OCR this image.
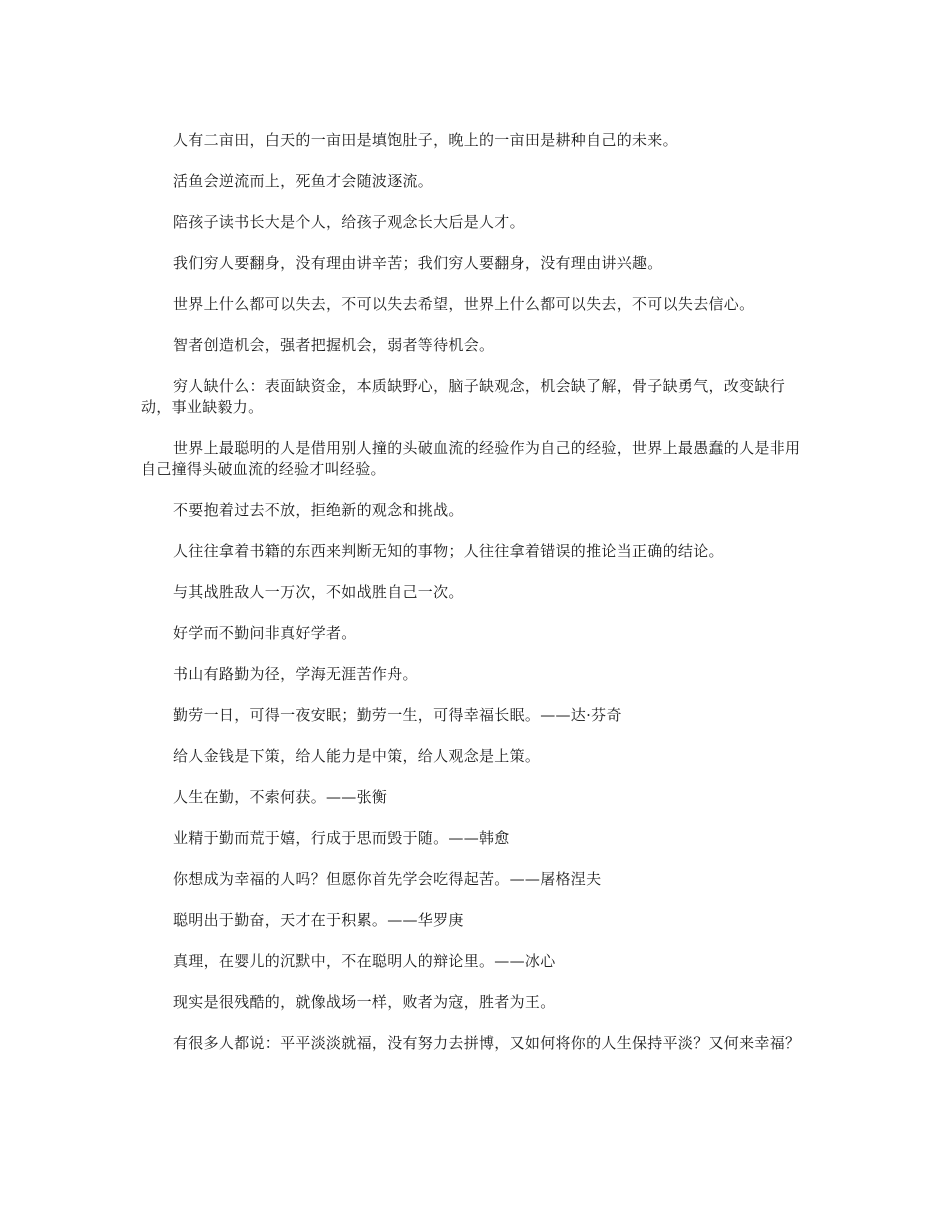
人有二亩田，白天的一亩田是填饱肚子，晚上的一亩田是耕种自己的未来。

活鱼会逆流而上，死鱼才会随波逐流。

陪孩子读书长大是个人，给孩子观念长大后是人才。

我们穷人要翻身，没有理由讲辛苦；我们穷人要翻身，没有理由讲兴趣。

世界上什么都可以失去，不可以失去希望，世界上什么都可以失去，不可以失去信心。

智者创造机会，强者把握机会，弱者等待机会。

穷人缺什么：表面缺资金，本质缺野心，脑子缺观念，机会缺了解，骨子缺勇气，改变缺行动，事业缺毅力。

世界上最聪明的人是借用别人撞的头破血流的经验作为自己的经验，世界上最愚蠢的人是非用自己撞得头破血流的经验才叫经验。

不要抱着过去不放，拒绝新的观念和挑战。

人往往拿着书籍的东西来判断无知的事物；人往往拿着错误的推论当正确的结论。

与其战胜敌人一万次，不如战胜自己一次。

好学而不勤问非真好学者。

书山有路勤为径，学海无涯苦作舟。

勤劳一日，可得一夜安眠；勤劳一生，可得幸福长眠。——达·芬奇

给人金钱是下策，给人能力是中策，给人观念是上策。

人生在勤，不索何获。——张衡

业精于勤而荒于嬉，行成于思而毁于随。——韩愈

你想成为幸福的人吗？但愿你首先学会吃得起苦。——屠格涅夫

聪明出于勤奋，天才在于积累。——华罗庚

真理，在婴儿的沉默中，不在聪明人的辩论里。——冰心

现实是很残酷的，就像战场一样，败者为寇，胜者为王。

有很多人都说：平平淡淡就福，没有努力去拼博，又如何将你的人生保持平淡？又何来幸福？
